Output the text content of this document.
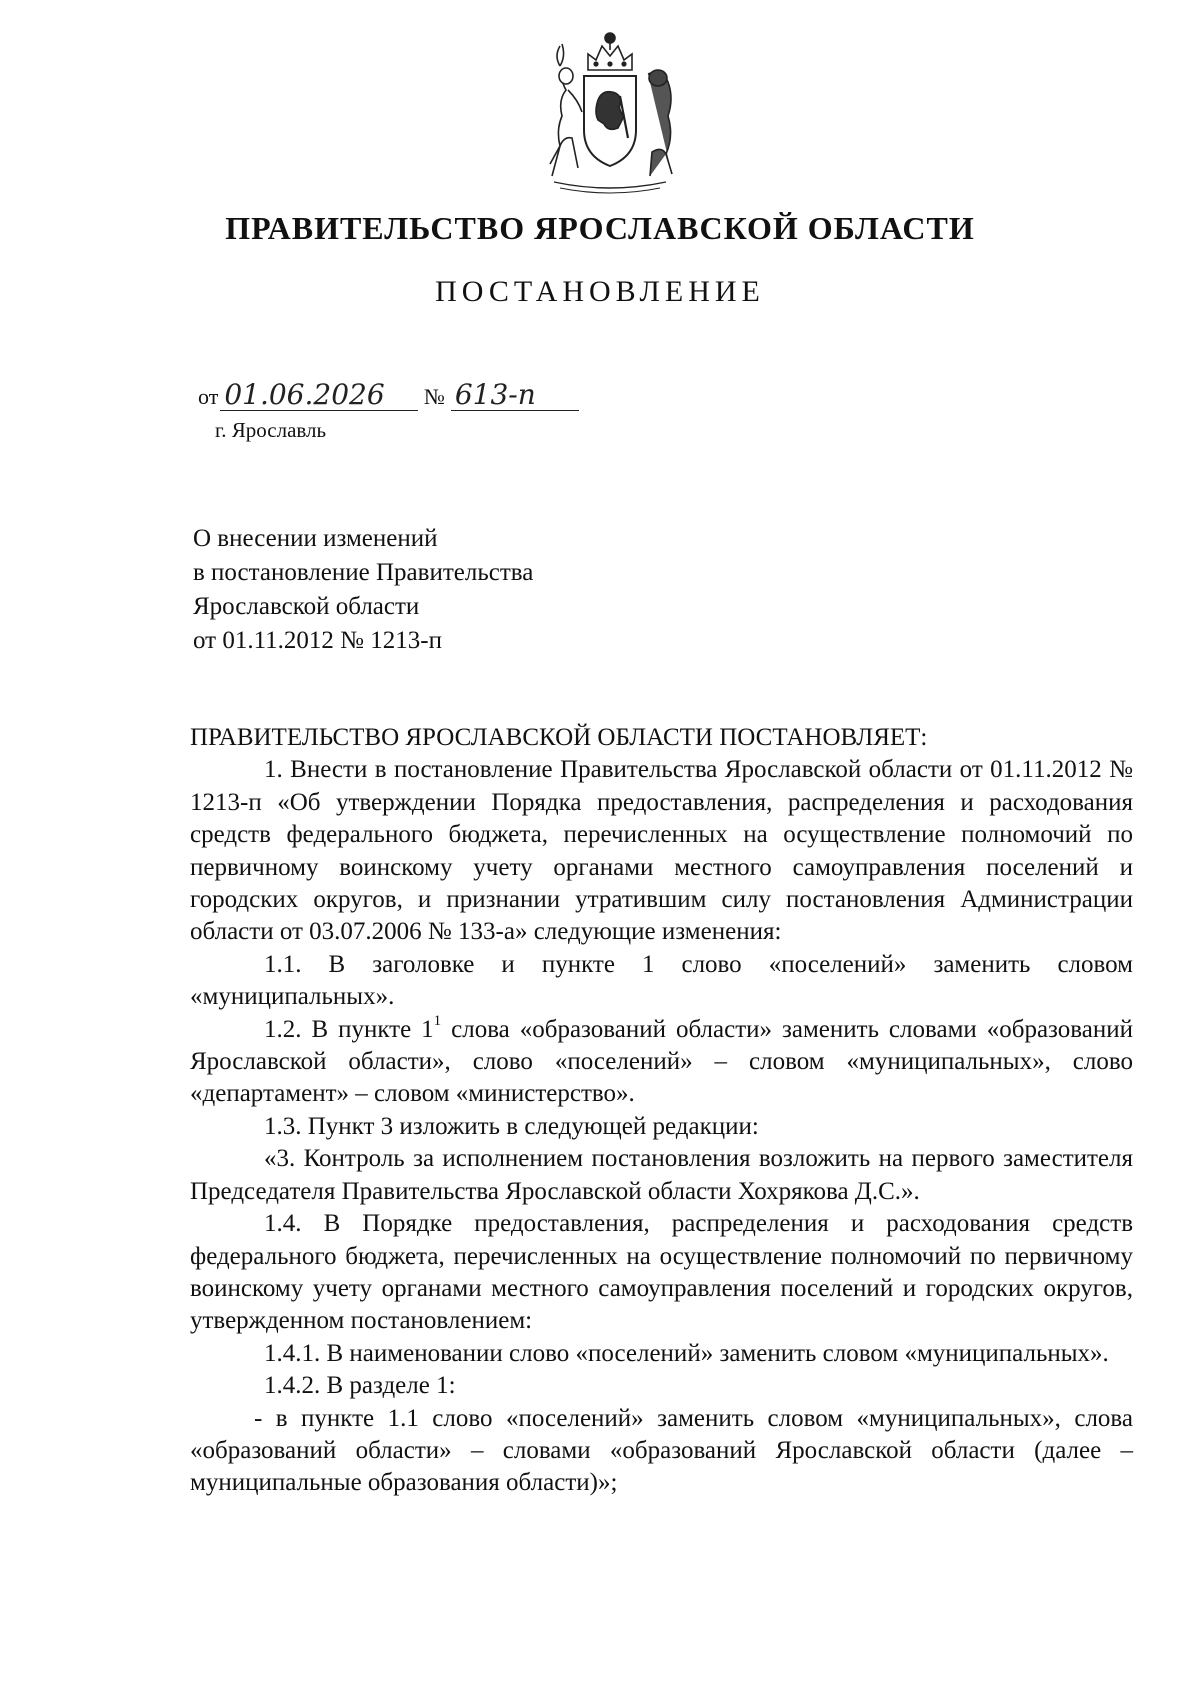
ПРАВИТЕЛЬСТВО ЯРОСЛАВСКОЙ ОБЛАСТИ
ПОСТАНОВЛЕНИЕ
от 01.06.2026 № 613-п
г. Ярославль
О внесении изменений
в постановление Правительства
Ярославской области
от 01.11.2012 № 1213-п

ПРАВИТЕЛЬСТВО ЯРОСЛАВСКОЙ ОБЛАСТИ ПОСТАНОВЛЯЕТ:

1. Внести в постановление Правительства Ярославской области от 01.11.2012 № 1213-п «Об утверждении Порядка предоставления, распределения и расходования средств федерального бюджета, перечисленных на осуществление полномочий по первичному воинскому учету органами местного самоуправления поселений и городских округов, и признании утратившим силу постановления Администрации области от 03.07.2006 № 133-а» следующие изменения:

1.1. В заголовке и пункте 1 слово «поселений» заменить словом «муниципальных».

1.2. В пункте $1^1$ слова «образований области» заменить словами «образований Ярославской области», слово «поселений» – словом «муниципальных», слово «департамент» – словом «министерство».

1.3. Пункт 3 изложить в следующей редакции:

«3. Контроль за исполнением постановления возложить на первого заместителя Председателя Правительства Ярославской области Хохрякова Д.С.».

1.4. В Порядке предоставления, распределения и расходования средств федерального бюджета, перечисленных на осуществление полномочий по первичному воинскому учету органами местного самоуправления поселений и городских округов, утвержденном постановлением:

1.4.1. В наименовании слово «поселений» заменить словом «муниципальных».

1.4.2. В разделе 1:

- в пункте 1.1 слово «поселений» заменить словом «муниципальных», слова «образований области» – словами «образований Ярославской области (далее – муниципальные образования области)»;
